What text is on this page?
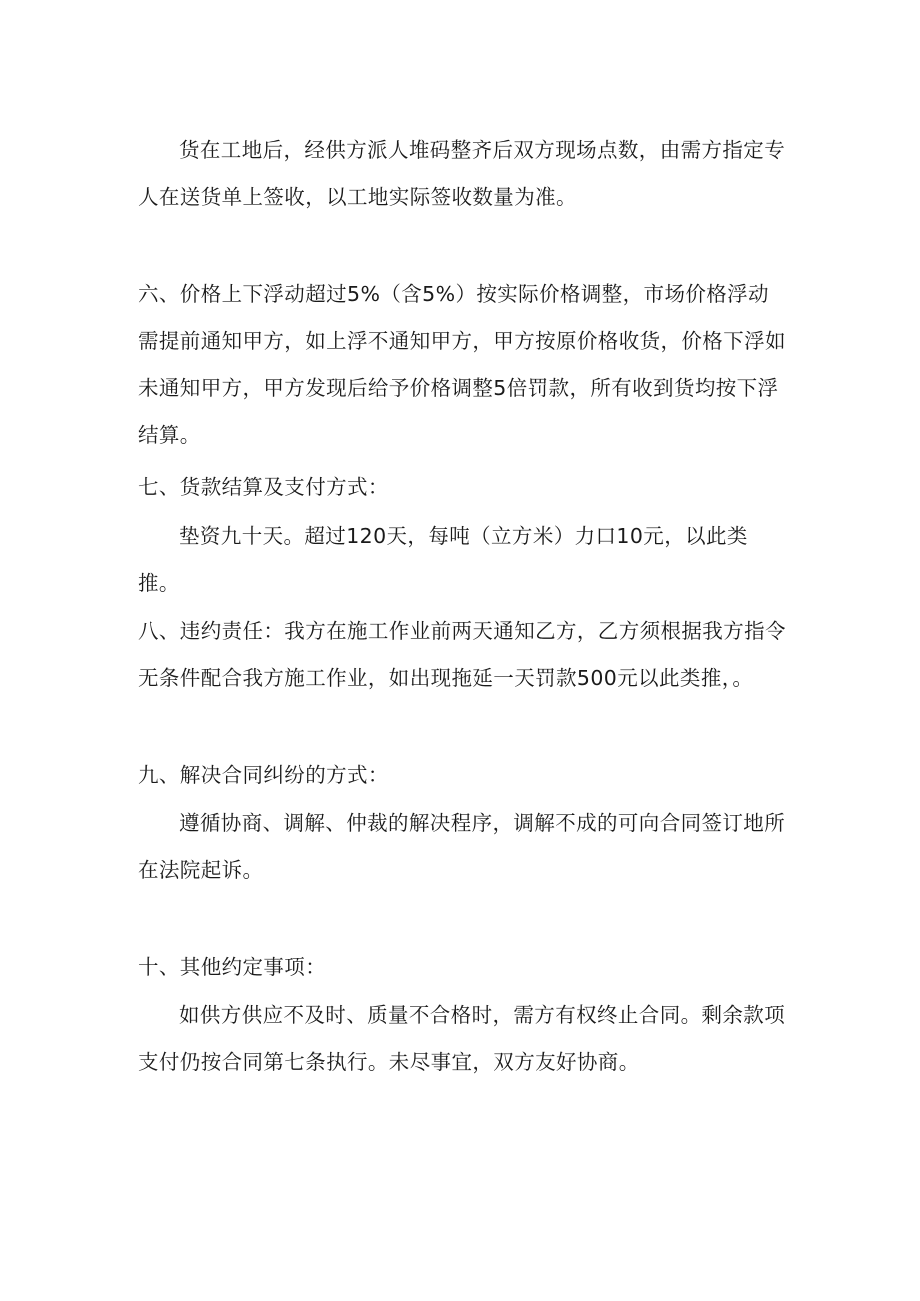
货在工地后，经供方派人堆码整齐后双方现场点数，由需方指定专人在送货单上签收，以工地实际签收数量为准。

六、价格上下浮动超过5%（含5%）按实际价格调整，市场价格浮动需提前通知甲方，如上浮不通知甲方，甲方按原价格收货，价格下浮如未通知甲方，甲方发现后给予价格调整5倍罚款，所有收到货均按下浮结算。

七、货款结算及支付方式：

垫资九十天。超过120天，每吨（立方米）力口10元，以此类推。

八、违约责任：我方在施工作业前两天通知乙方，乙方须根据我方指令无条件配合我方施工作业，如出现拖延一天罚款500元以此类推，。

九、解决合同纠纷的方式：

遵循协商、调解、仲裁的解决程序，调解不成的可向合同签订地所在法院起诉。

十、其他约定事项：

如供方供应不及时、质量不合格时，需方有权终止合同。剩余款项支付仍按合同第七条执行。未尽事宜，双方友好协商。
